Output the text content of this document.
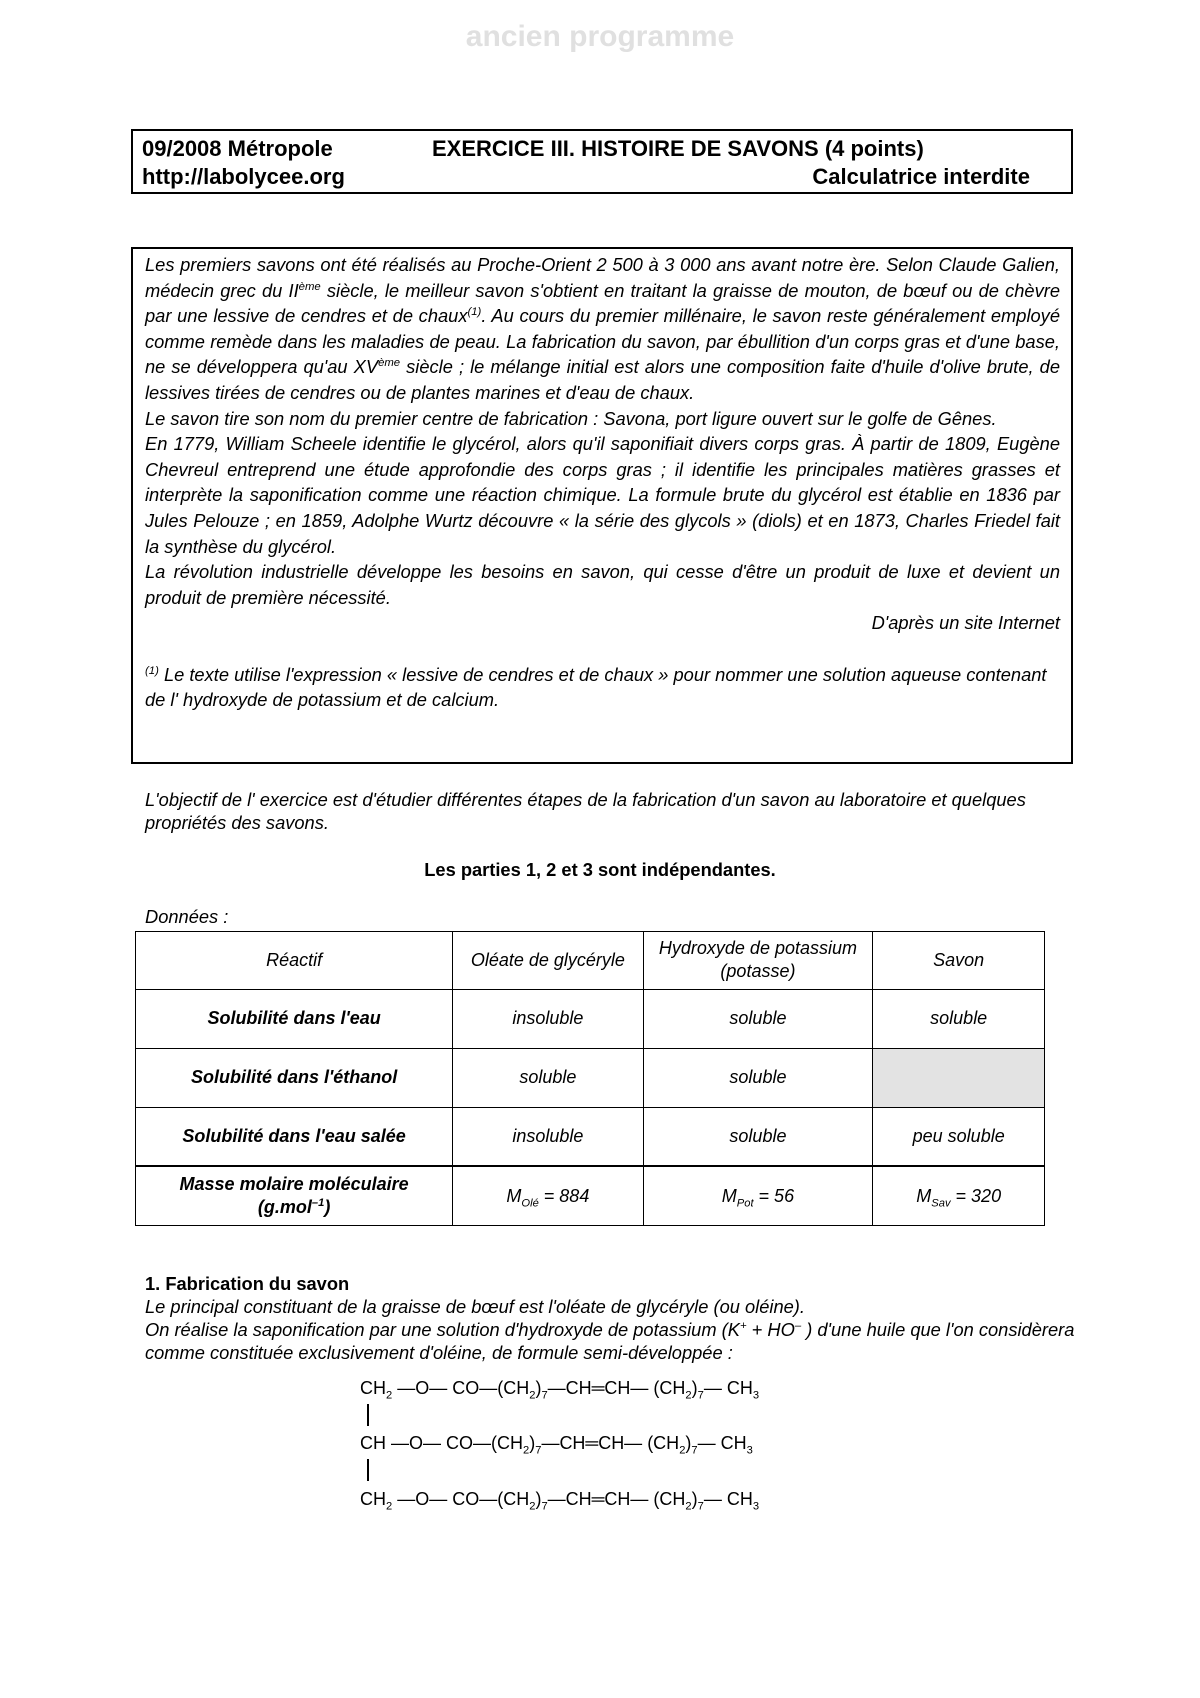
ancien programme
09/2008 Métropole
http://labolycee.org
EXERCICE III. HISTOIRE DE SAVONS (4 points)
Calculatrice interdite

Les premiers savons ont été réalisés au Proche-Orient 2 500 à 3 000 ans avant notre ère. Selon Claude Galien, médecin grec du IIème siècle, le meilleur savon s'obtient en traitant la graisse de mouton, de bœuf ou de chèvre par une lessive de cendres et de chaux$^{(1)}$. Au cours du premier millénaire, le savon reste généralement employé comme remède dans les maladies de peau. La fabrication du savon, par ébullition d'un corps gras et d'une base, ne se développera qu'au XVème siècle ; le mélange initial est alors une composition faite d'huile d'olive brute, de lessives tirées de cendres ou de plantes marines et d'eau de chaux.

Le savon tire son nom du premier centre de fabrication : Savona, port ligure ouvert sur le golfe de Gênes.

En 1779, William Scheele identifie le glycérol, alors qu'il saponifiait divers corps gras. À partir de 1809, Eugène Chevreul entreprend une étude approfondie des corps gras ; il identifie les principales matières grasses et interprète la saponification comme une réaction chimique. La formule brute du glycérol est établie en 1836 par Jules Pelouze ; en 1859, Adolphe Wurtz découvre « la série des glycols » (diols) et en 1873, Charles Friedel fait la synthèse du glycérol.

La révolution industrielle développe les besoins en savon, qui cesse d'être un produit de luxe et devient un produit de première nécessité.

D'après un site Internet

$^{(1)}$ Le texte utilise l'expression « lessive de cendres et de chaux » pour nommer une solution aqueuse contenant de l' hydroxyde de potassium et de calcium.

L'objectif de l' exercice est d'étudier différentes étapes de la fabrication d'un savon au laboratoire et quelques propriétés des savons.
Les parties 1, 2 et 3 sont indépendantes.
Données :
Réactif	Oléate de glycéryle	Hydroxyde de potassium (potasse)	Savon
Solubilité dans l'eau	insoluble	soluble	soluble
Solubilité dans l'éthanol	soluble	soluble	
Solubilité dans l'eau salée	insoluble	soluble	peu soluble
Masse molaire moléculaire
(g.mol$^{-1}$)	$M_{Olé} = 884$	$M_{Pot} = 56$	$M_{Sav} = 320$
1. Fabrication du savon
Le principal constituant de la graisse de bœuf est l'oléate de glycéryle (ou oléine).
On réalise la saponification par une solution d'hydroxyde de potassium (K+ + HO– ) d'une huile que l'on considèrera comme constituée exclusivement d'oléine, de formule semi-développée :
$CH_2$ —O— $CO—(CH_2)_7—CH═CH—$ $(CH_2)_7—$ $CH_3$
CH —O— $CO—(CH_2)_7—CH═CH—$ $(CH_2)_7—$ $CH_3$
$CH_2$ —O— $CO—(CH_2)_7—CH═CH—$ $(CH_2)_7—$ $CH_3$
